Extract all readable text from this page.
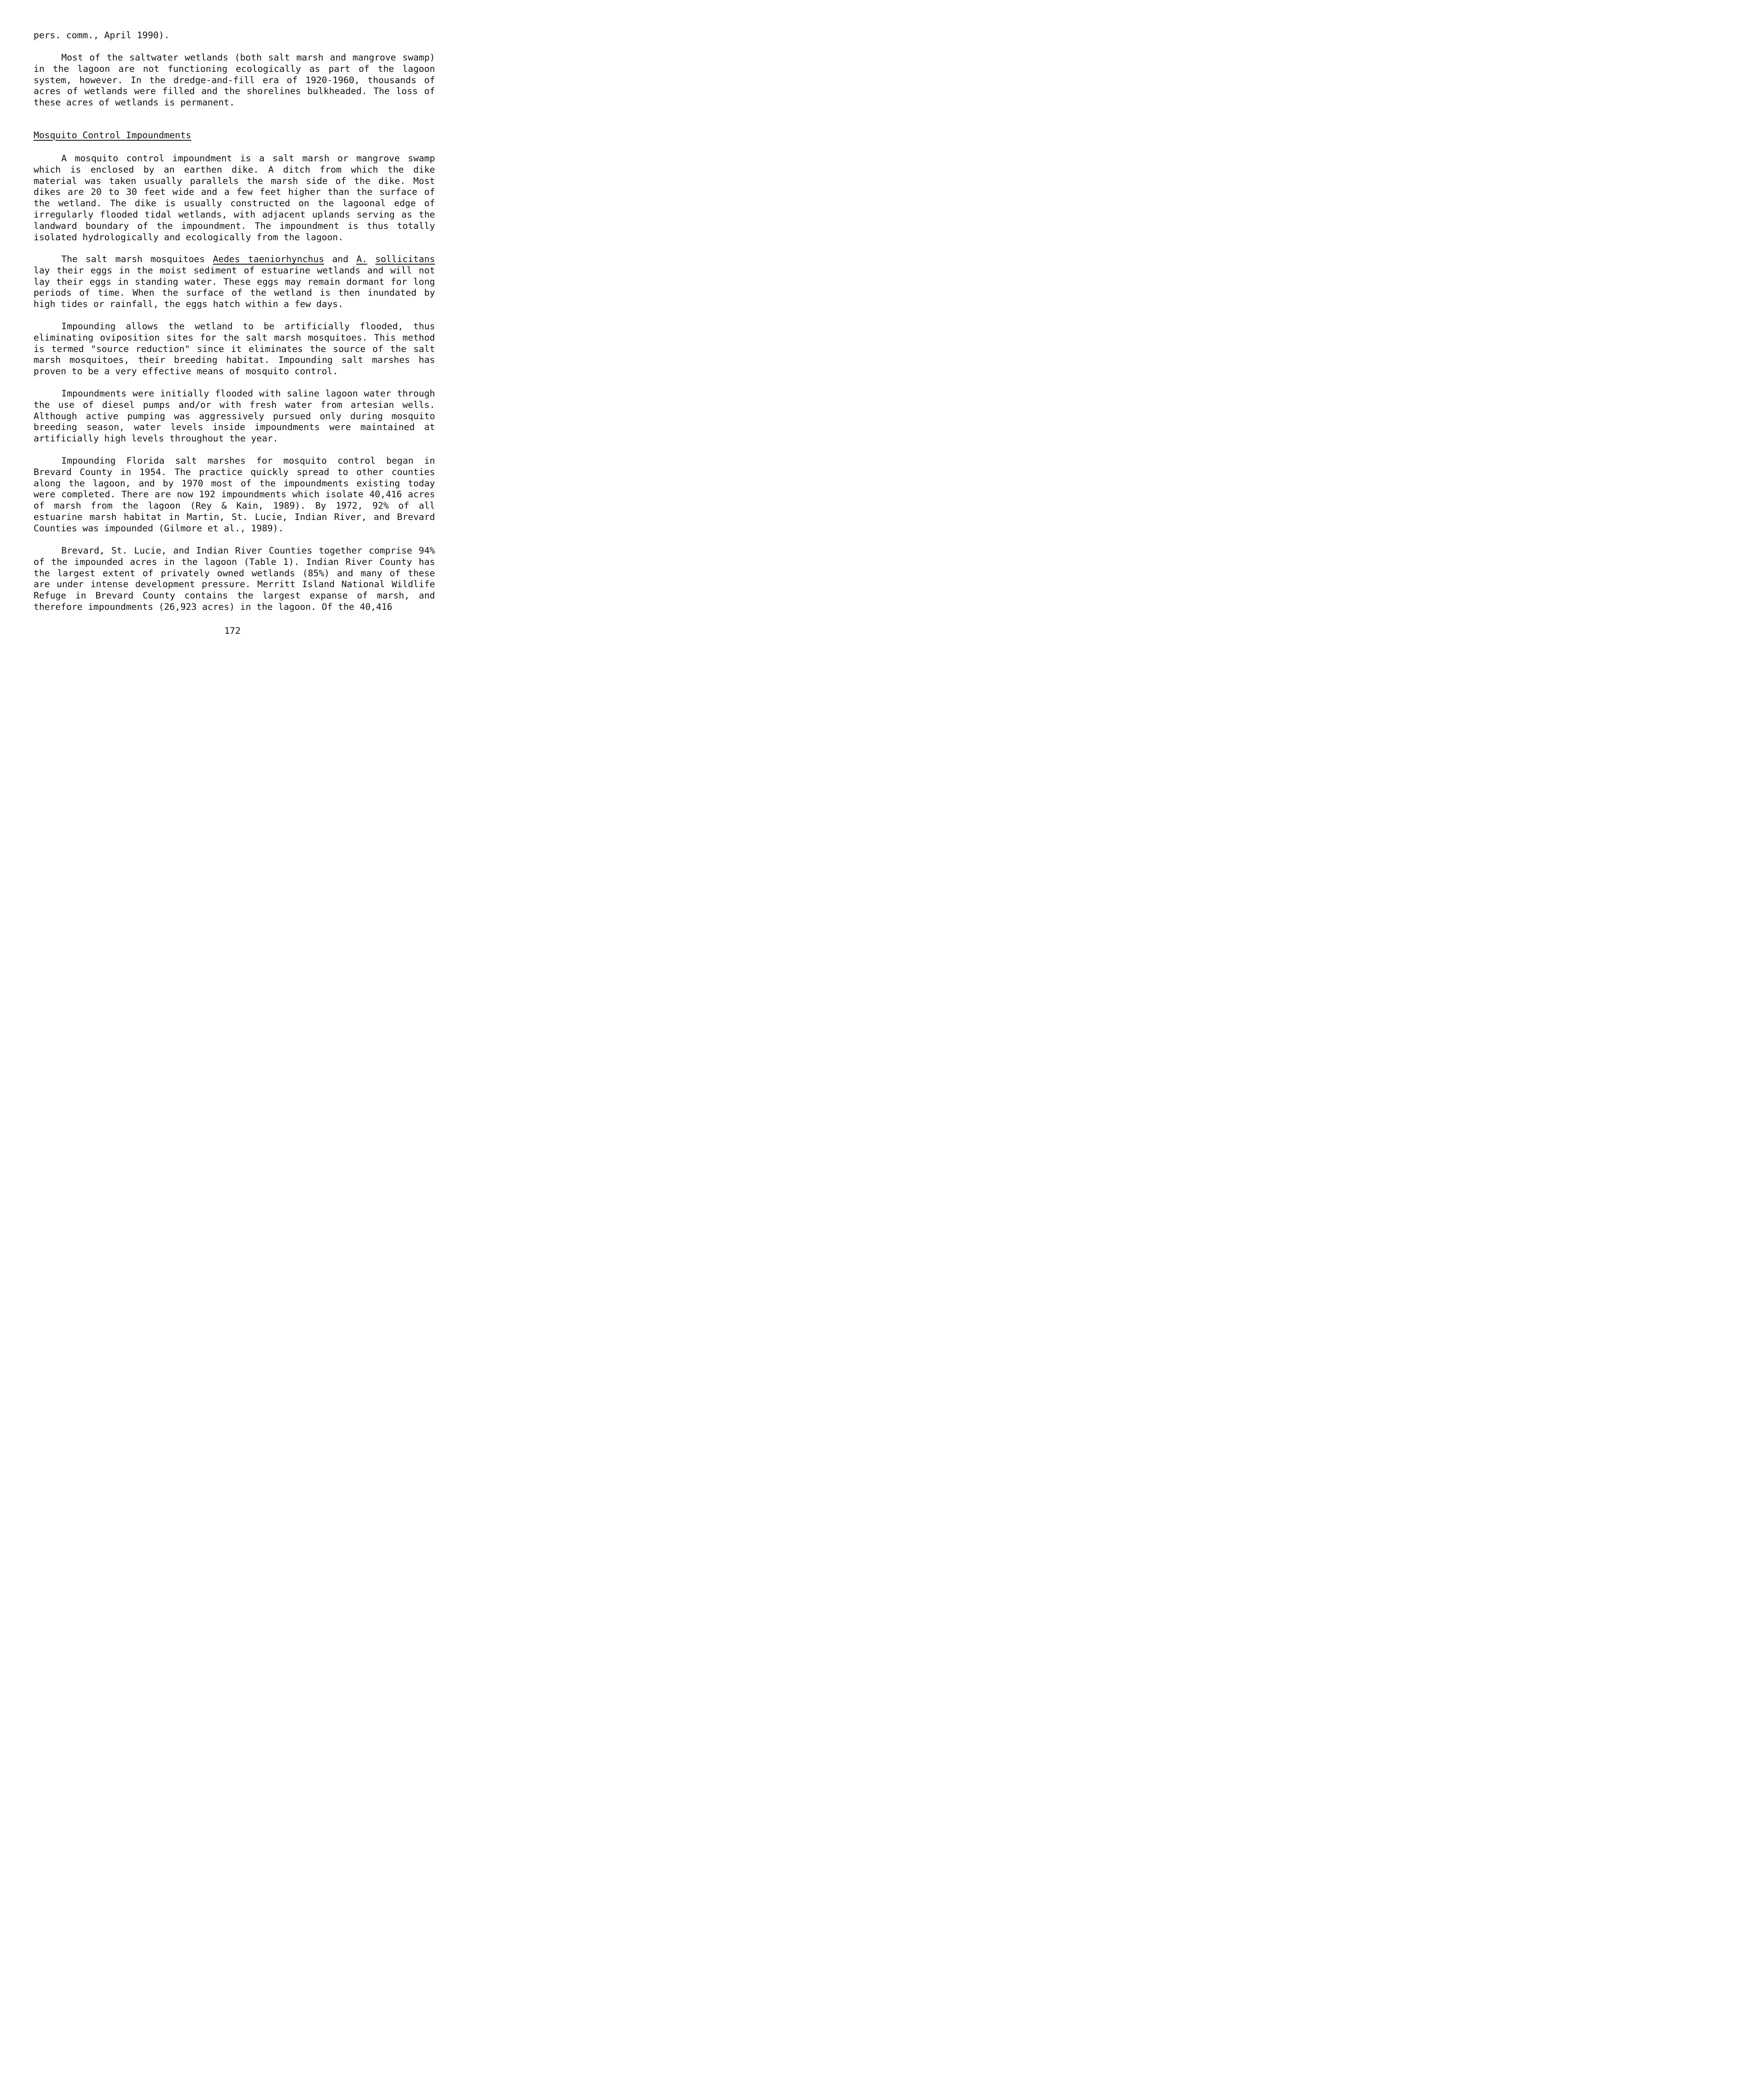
pers. comm., April 1990).

Most of the saltwater wetlands (both salt marsh and mangrove swamp) in the lagoon are not functioning ecologically as part of the lagoon system, however. In the dredge-and-fill era of 1920-1960, thousands of acres of wetlands were filled and the shorelines bulkheaded. The loss of these acres of wetlands is permanent.

Mosquito Control Impoundments

A mosquito control impoundment is a salt marsh or mangrove swamp which is enclosed by an earthen dike. A ditch from which the dike material was taken usually parallels the marsh side of the dike. Most dikes are 20 to 30 feet wide and a few feet higher than the surface of the wetland. The dike is usually constructed on the lagoonal edge of irregularly flooded tidal wetlands, with adjacent uplands serving as the landward boundary of the impoundment. The impoundment is thus totally isolated hydrologically and ecologically from the lagoon.

The salt marsh mosquitoes Aedes taeniorhynchus and A. sollicitans lay their eggs in the moist sediment of estuarine wetlands and will not lay their eggs in standing water. These eggs may remain dormant for long periods of time. When the surface of the wetland is then inundated by high tides or rainfall, the eggs hatch within a few days.

Impounding allows the wetland to be artificially flooded, thus eliminating oviposition sites for the salt marsh mosquitoes. This method is termed "source reduction" since it eliminates the source of the salt marsh mosquitoes, their breeding habitat. Impounding salt marshes has proven to be a very effective means of mosquito control.

Impoundments were initially flooded with saline lagoon water through the use of diesel pumps and/or with fresh water from artesian wells. Although active pumping was aggressively pursued only during mosquito breeding season, water levels inside impoundments were maintained at artificially high levels throughout the year.

Impounding Florida salt marshes for mosquito control began in Brevard County in 1954. The practice quickly spread to other counties along the lagoon, and by 1970 most of the impoundments existing today were completed. There are now 192 impoundments which isolate 40,416 acres of marsh from the lagoon (Rey & Kain, 1989). By 1972, 92% of all estuarine marsh habitat in Martin, St. Lucie, Indian River, and Brevard Counties was impounded (Gilmore et al., 1989).

Brevard, St. Lucie, and Indian River Counties together comprise 94% of the impounded acres in the lagoon (Table 1). Indian River County has the largest extent of privately owned wetlands (85%) and many of these are under intense development pressure. Merritt Island National Wildlife Refuge in Brevard County contains the largest expanse of marsh, and therefore impoundments (26,923 acres) in the lagoon. Of the 40,416

172
